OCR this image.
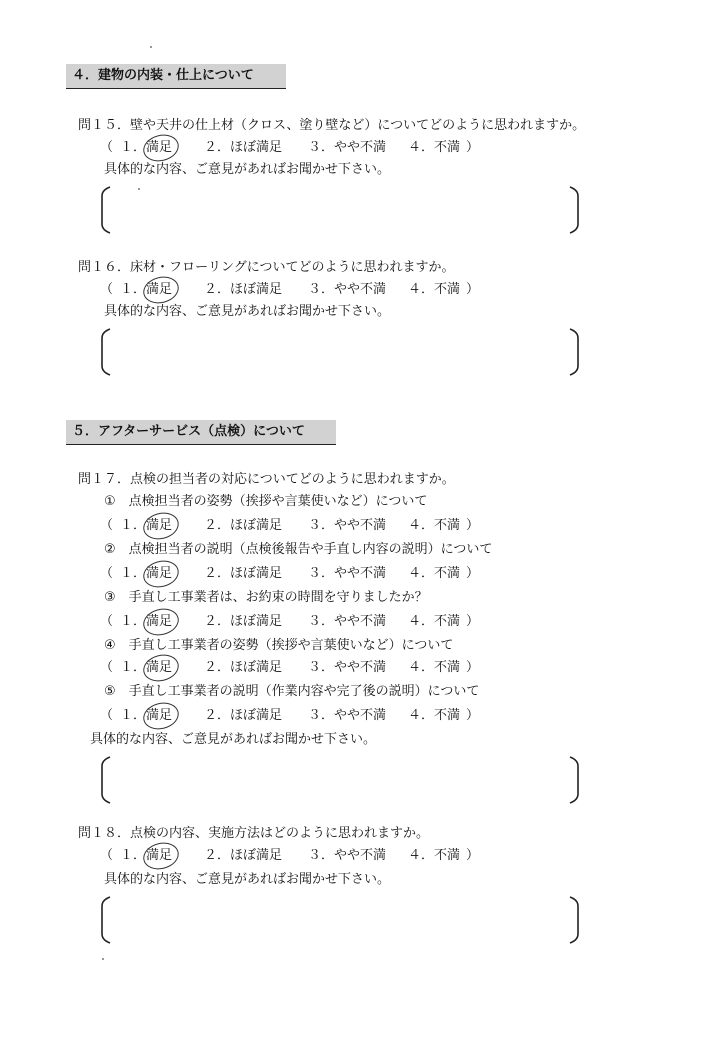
４．建物の内装・仕上について
問１５．壁や天井の仕上材（クロス、塗り壁など）についてどのように思われますか。
（ １．満足 ２．ほぼ満足 ３．やや不満 ４．不満 ）
具体的な内容、ご意見があればお聞かせ下さい。
問１６．床材・フローリングについてどのように思われますか。
（ １．満足 ２．ほぼ満足 ３．やや不満 ４．不満 ）
具体的な内容、ご意見があればお聞かせ下さい。
５．アフターサービス（点検）について
問１７．点検の担当者の対応についてどのように思われますか。
①　点検担当者の姿勢（挨拶や言葉使いなど）について
（ １．満足 ２．ほぼ満足 ３．やや不満 ４．不満 ）
②　点検担当者の説明（点検後報告や手直し内容の説明）について
（ １．満足 ２．ほぼ満足 ３．やや不満 ４．不満 ）
③　手直し工事業者は、お約束の時間を守りましたか？
（ １．満足 ２．ほぼ満足 ３．やや不満 ４．不満 ）
④　手直し工事業者の姿勢（挨拶や言葉使いなど）について
（ １．満足 ２．ほぼ満足 ３．やや不満 ４．不満 ）
⑤　手直し工事業者の説明（作業内容や完了後の説明）について
（ １．満足 ２．ほぼ満足 ３．やや不満 ４．不満 ）
具体的な内容、ご意見があればお聞かせ下さい。
問１８．点検の内容、実施方法はどのように思われますか。
（ １．満足 ２．ほぼ満足 ３．やや不満 ４．不満 ）
具体的な内容、ご意見があればお聞かせ下さい。
